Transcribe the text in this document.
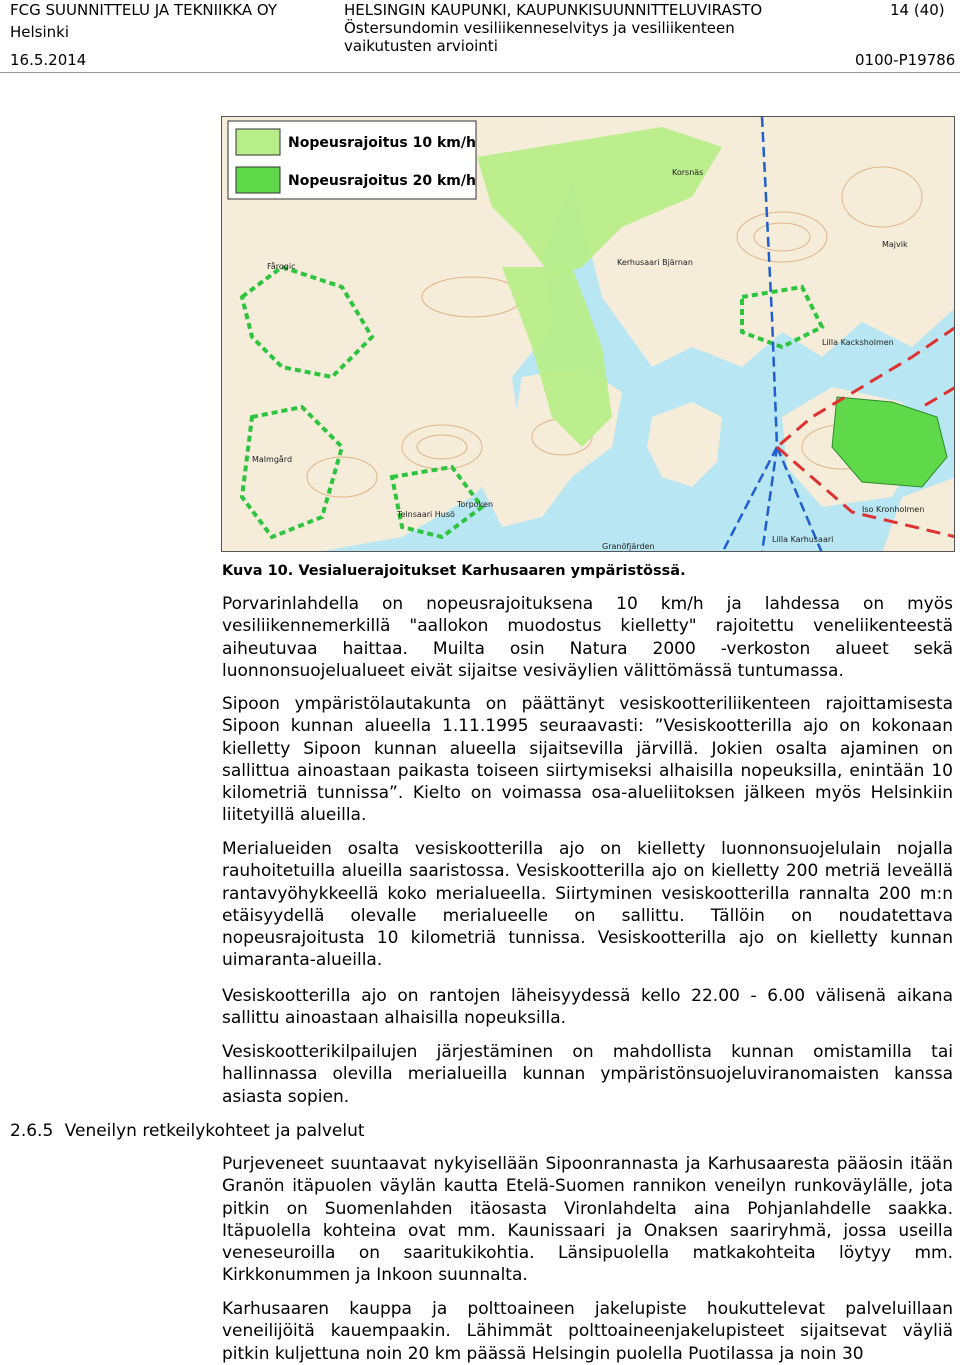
FCG SUUNNITTELU JA TEKNIIKKA OY
Helsinki
16.5.2014
HELSINGIN KAUPUNKI, KAUPUNKISUUNNITTELUVIRASTO
Östersundomin vesiliikenneselvitys ja vesiliikenteen
vaikutusten arviointi
14 (40)
0100-P19786
Nopeusrajoitus 10 km/h
Nopeusrajoitus 20 km/h
Korsnäs
Majvik
Kerhusaari Bjärnan
Fårogic
Lilla Kacksholmen
Telnsaari Husö
Torpoken
Granöfjärden
Iso Kronholmen
Lilla Karhusaari
Malmgård
Kuva 10. Vesialuerajoitukset Karhusaaren ympäristössä.

Porvarinlahdella on nopeusrajoituksena 10 km/h ja lahdessa on myös vesiliikennemerkillä "aallokon muodostus kielletty" rajoitettu veneliikenteestä aiheutuvaa haittaa. Muilta osin Natura 2000 -verkoston alueet sekä luonnonsuojelualueet eivät sijaitse vesiväylien välittömässä tuntumassa.

Sipoon ympäristölautakunta on päättänyt vesiskootteriliikenteen rajoittamisesta Sipoon kunnan alueella 1.11.1995 seuraavasti: ”Vesiskootterilla ajo on kokonaan kielletty Sipoon kunnan alueella sijaitsevilla järvillä. Jokien osalta ajaminen on sallittua ainoastaan paikasta toiseen siirtymiseksi alhaisilla nopeuksilla, enintään 10 kilometriä tunnissa”. Kielto on voimassa osa-alueliitoksen jälkeen myös Helsinkiin liitetyillä alueilla.

Merialueiden osalta vesiskootterilla ajo on kielletty luonnonsuojelulain nojalla rauhoitetuilla alueilla saaristossa. Vesiskootterilla ajo on kielletty 200 metriä leveällä rantavyöhykkeellä koko merialueella. Siirtyminen vesiskootterilla rannalta 200 m:n etäisyydellä olevalle merialueelle on sallittu. Tällöin on noudatettava nopeusrajoitusta 10 kilometriä tunnissa. Vesiskootterilla ajo on kielletty kunnan uimaranta-alueilla.

Vesiskootterilla ajo on rantojen läheisyydessä kello 22.00 - 6.00 välisenä aikana sallittu ainoastaan alhaisilla nopeuksilla.

Vesiskootterikilpailujen järjestäminen on mahdollista kunnan omistamilla tai hallinnassa olevilla merialueilla kunnan ympäristönsuojeluviranomaisten kanssa asiasta sopien.

2.6.5 Veneilyn retkeilykohteet ja palvelut

Purjeveneet suuntaavat nykyisellään Sipoonrannasta ja Karhusaaresta pääosin itään Granön itäpuolen väylän kautta Etelä-Suomen rannikon veneilyn runkoväylälle, jota pitkin on Suomenlahden itäosasta Vironlahdelta aina Pohjanlahdelle saakka. Itäpuolella kohteina ovat mm. Kaunissaari ja Onaksen saariryhmä, jossa useilla veneseuroilla on saaritukikohtia. Länsipuolella matkakohteita löytyy mm. Kirkkonummen ja Inkoon suunnalta.

Karhusaaren kauppa ja polttoaineen jakelupiste houkuttelevat palveluillaan veneilijöitä kauempaakin. Lähimmät polttoaineenjakelupisteet sijaitsevat väyliä pitkin kuljettuna noin 20 km päässä Helsingin puolella Puotilassa ja noin 30
